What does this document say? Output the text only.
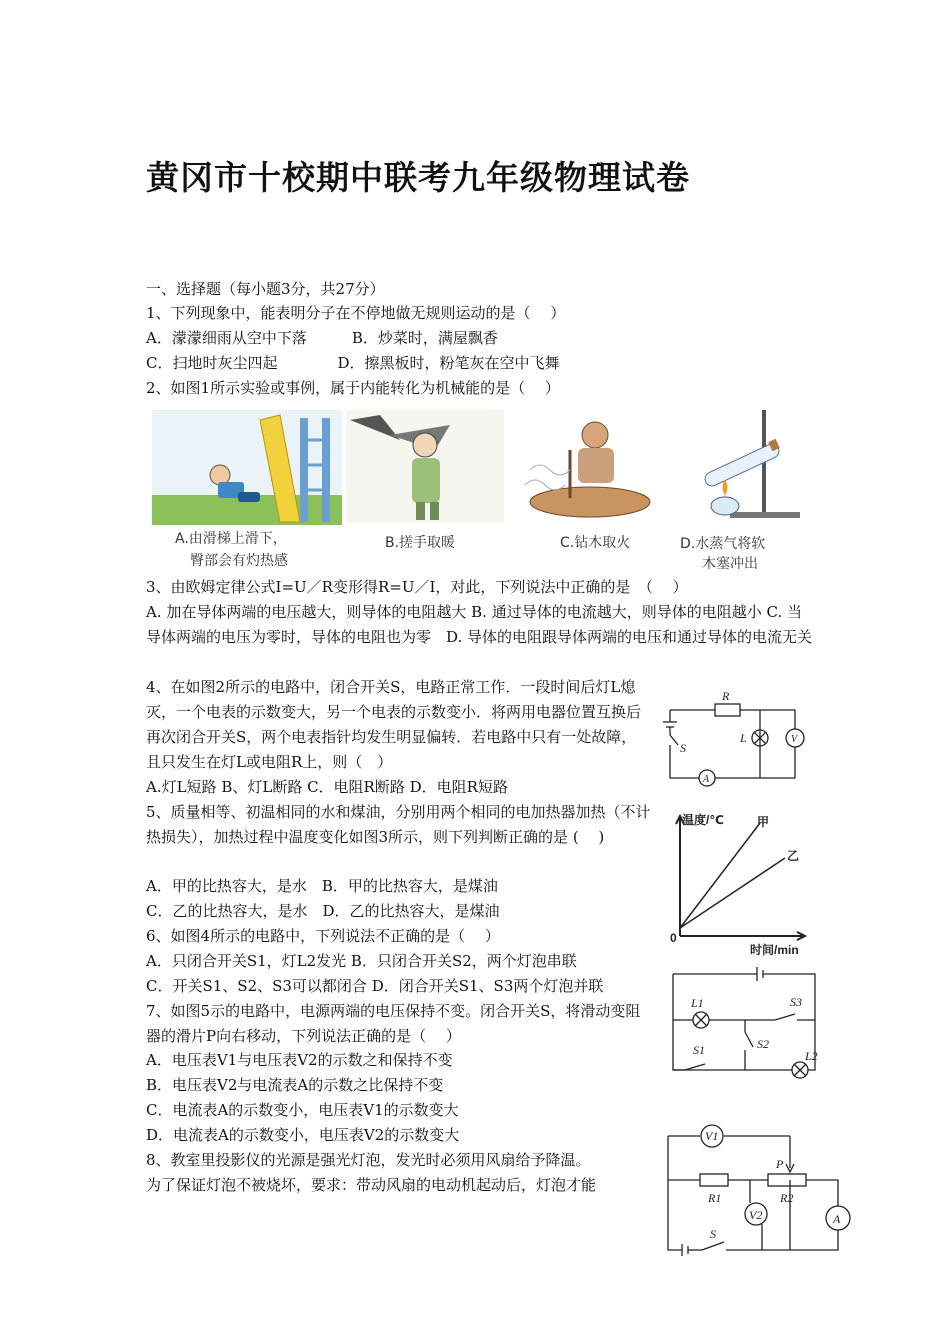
黄冈市十校期中联考九年级物理试卷
一、选择题（每小题3分，共27分）
1、下列现象中，能表明分子在不停地做无规则运动的是（　 ）
A．濛濛细雨从空中下落　　　B．炒菜时，满屋飘香
C．扫地时灰尘四起　　　　D．擦黑板时，粉笔灰在空中飞舞
2、如图1所示实验或事例，属于内能转化为机械能的是（　 ）
A.由滑梯上滑下，
臀部会有灼热感
B.搓手取暖	C.钻木取火	D.水蒸气将软
木塞冲出
3、由欧姆定律公式I=U／R变形得R=U／I，对此，下列说法中正确的是　（　 ）
A. 加在导体两端的电压越大，则导体的电阻越大 B. 通过导体的电流越大，则导体的电阻越小 C. 当导体两端的电压为零时，导体的电阻也为零　D. 导体的电阻跟导体两端的电压和通过导体的电流无关
4、在如图2所示的电路中，闭合开关S，电路正常工作．一段时间后灯L熄灭，一个电表的示数变大，另一个电表的示数变小．将两用电器位置互换后再次闭合开关S，两个电表指针均发生明显偏转．若电路中只有一处故障，且只发生在灯L或电阻R上，则（　）
A.灯L短路 B、灯L断路 C．电阻R断路 D．电阻R短路
R
L
S
A
V
5、质量相等、初温相同的水和煤油，分别用两个相同的电加热器加热（不计热损失），加热过程中温度变化如图3所示，则下列判断正确的是 (　 )
A．甲的比热容大，是水　B．甲的比热容大，是煤油
C．乙的比热容大，是水　D．乙的比热容大，是煤油
温度/℃	甲
乙
0
时间/min
6、如图4所示的电路中，下列说法不正确的是（　 ）
A．只闭合开关S1，灯L2发光 B．只闭合开关S2，两个灯泡串联
C．开关S1、S2、S3可以都闭合 D．闭合开关S1、S3两个灯泡并联
L1	S3
S1	S2
L2
7、如图5示的电路中，电源两端的电压保持不变。闭合开关S，将滑动变阻器的滑片P向右移动，下列说法正确的是（　 ）
A．电压表V1与电压表V2的示数之和保持不变
B．电压表V2与电流表A的示数之比保持不变
C．电流表A的示数变小，电压表V1的示数变大
D．电流表A的示数变小，电压表V2的示数变大
8、教室里投影仪的光源是强光灯泡，发光时必须用风扇给予降温。
为了保证灯泡不被烧坏，要求：带动风扇的电动机起动后，灯泡才能
V1
R1	R2
P
V2	A
S
